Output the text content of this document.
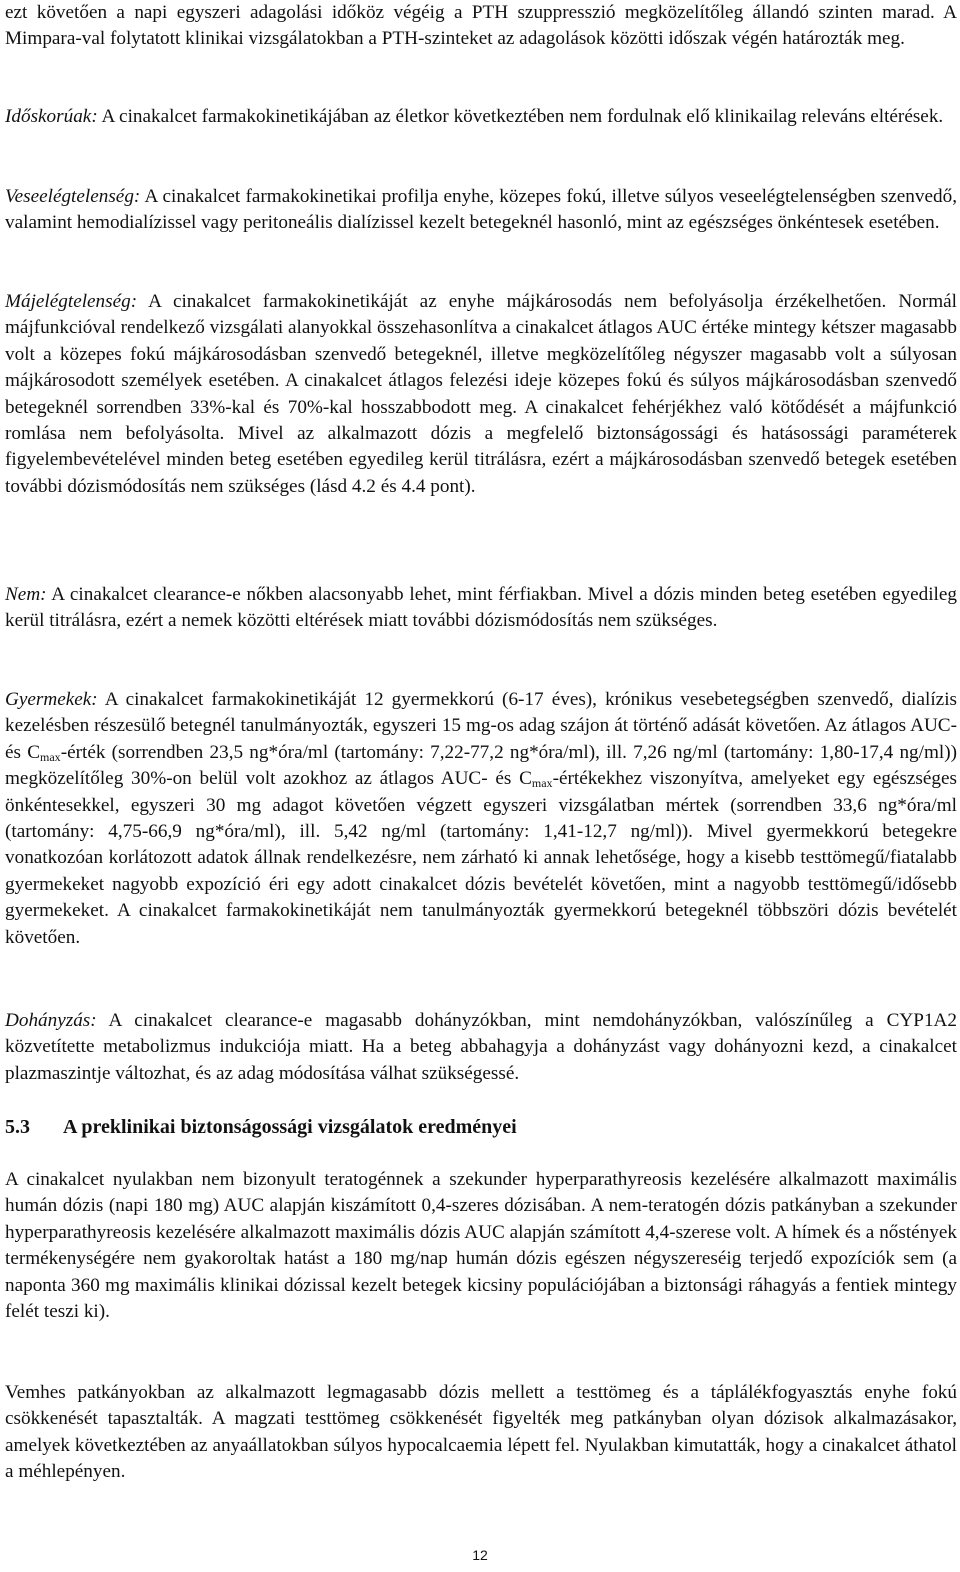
ezt követően a napi egyszeri adagolási időköz végéig a PTH szuppresszió megközelítőleg állandó szinten marad. A Mimpara-val folytatott klinikai vizsgálatokban a PTH-szinteket az adagolások közötti időszak végén határozták meg.

Időskorúak: A cinakalcet farmakokinetikájában az életkor következtében nem fordulnak elő klinikailag releváns eltérések.

Veseelégtelenség: A cinakalcet farmakokinetikai profilja enyhe, közepes fokú, illetve súlyos veseelégtelenségben szenvedő, valamint hemodialízissel vagy peritoneális dialízissel kezelt betegeknél hasonló, mint az egészséges önkéntesek esetében.

Májelégtelenség: A cinakalcet farmakokinetikáját az enyhe májkárosodás nem befolyásolja érzékelhetően. Normál májfunkcióval rendelkező vizsgálati alanyokkal összehasonlítva a cinakalcet átlagos AUC értéke mintegy kétszer magasabb volt a közepes fokú májkárosodásban szenvedő betegeknél, illetve megközelítőleg négyszer magasabb volt a súlyosan májkárosodott személyek esetében. A cinakalcet átlagos felezési ideje közepes fokú és súlyos májkárosodásban szenvedő betegeknél sorrendben 33%-kal és 70%-kal hosszabbodott meg. A cinakalcet fehérjékhez való kötődését a májfunkció romlása nem befolyásolta. Mivel az alkalmazott dózis a megfelelő biztonságossági és hatásossági paraméterek figyelembevételével minden beteg esetében egyedileg kerül titrálásra, ezért a májkárosodásban szenvedő betegek esetében további dózismódosítás nem szükséges (lásd 4.2 és 4.4 pont).

Nem: A cinakalcet clearance-e nőkben alacsonyabb lehet, mint férfiakban. Mivel a dózis minden beteg esetében egyedileg kerül titrálásra, ezért a nemek közötti eltérések miatt további dózismódosítás nem szükséges.

Gyermekek: A cinakalcet farmakokinetikáját 12 gyermekkorú (6-17 éves), krónikus vesebetegségben szenvedő, dialízis kezelésben részesülő betegnél tanulmányozták, egyszeri 15 mg-os adag szájon át történő adását követően. Az átlagos AUC- és $C_{max}$-érték (sorrendben 23,5 ng*óra/ml (tartomány: 7,22-77,2 ng*óra/ml), ill. 7,26 ng/ml (tartomány: 1,80-17,4 ng/ml)) megközelítőleg 30%-on belül volt azokhoz az átlagos AUC- és $C_{max}$-értékekhez viszonyítva, amelyeket egy egészséges önkéntesekkel, egyszeri 30 mg adagot követően végzett egyszeri vizsgálatban mértek (sorrendben 33,6 ng*óra/ml (tartomány: 4,75-66,9 ng*óra/ml), ill. 5,42 ng/ml (tartomány: 1,41-12,7 ng/ml)). Mivel gyermekkorú betegekre vonatkozóan korlátozott adatok állnak rendelkezésre, nem zárható ki annak lehetősége, hogy a kisebb testtömegű/fiatalabb gyermekeket nagyobb expozíció éri egy adott cinakalcet dózis bevételét követően, mint a nagyobb testtömegű/idősebb gyermekeket. A cinakalcet farmakokinetikáját nem tanulmányozták gyermekkorú betegeknél többszöri dózis bevételét követően.

Dohányzás: A cinakalcet clearance-e magasabb dohányzókban, mint nemdohányzókban, valószínűleg a CYP1A2 közvetítette metabolizmus indukciója miatt. Ha a beteg abbahagyja a dohányzást vagy dohányozni kezd, a cinakalcet plazmaszintje változhat, és az adag módosítása válhat szükségessé.

5.3 A preklinikai biztonságossági vizsgálatok eredményei

A cinakalcet nyulakban nem bizonyult teratogénnek a szekunder hyperparathyreosis kezelésére alkalmazott maximális humán dózis (napi 180 mg) AUC alapján kiszámított 0,4-szeres dózisában. A nem-teratogén dózis patkányban a szekunder hyperparathyreosis kezelésére alkalmazott maximális dózis AUC alapján számított 4,4-szerese volt. A hímek és a nőstények termékenységére nem gyakoroltak hatást a 180 mg/nap humán dózis egészen négyszereséig terjedő expozíciók sem (a naponta 360 mg maximális klinikai dózissal kezelt betegek kicsiny populációjában a biztonsági ráhagyás a fentiek mintegy felét teszi ki).

Vemhes patkányokban az alkalmazott legmagasabb dózis mellett a testtömeg és a táplálékfogyasztás enyhe fokú csökkenését tapasztalták. A magzati testtömeg csökkenését figyelték meg patkányban olyan dózisok alkalmazásakor, amelyek következtében az anyaállatokban súlyos hypocalcaemia lépett fel. Nyulakban kimutatták, hogy a cinakalcet áthatol a méhlepényen.

12
